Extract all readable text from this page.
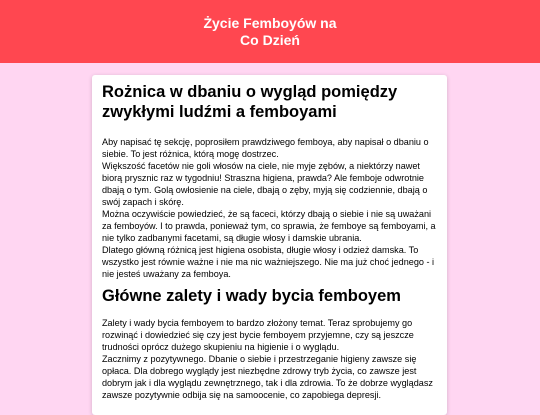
Życie Femboyów na
Co Dzień
Rożnica w dbaniu o wygląd pomiędzy zwykłymi ludźmi a femboyami

Aby napisać tę sekcję, poprosiłem prawdziwego femboya, aby napisał o dbaniu o siebie. To jest różnica, którą mogę dostrzec.

Większość facetów nie goli włosów na ciele, nie myje zębów, a niektórzy nawet biorą prysznic raz w tygodniu! Straszna higiena, prawda? Ale femboje odwrotnie dbają o tym. Golą owłosienie na ciele, dbają o zęby, myją się codziennie, dbają o swój zapach i skórę.

Można oczywiście powiedzieć, że są faceci, którzy dbają o siebie i nie są uważani za femboyów. I to prawda, ponieważ tym, co sprawia, że femboye są femboyami, a nie tylko zadbanymi facetami, są długie włosy i damskie ubrania.

Dlatego główną różnicą jest higiena osobista, długie włosy i odzież damska. To wszystko jest równie ważne i nie ma nic ważniejszego. Nie ma już choć jednego - i nie jesteś uważany za femboya.

Główne zalety i wady bycia femboyem

Zalety i wady bycia femboyem to bardzo złożony temat. Teraz sprobujemy go rozwinąć i dowiedzieć się czy jest bycie femboyem przyjemne, czy są jeszcze trudności oprócz dużego skupieniu na higienie i o wyglądu.

Zacznimy z pozytywnego. Dbanie o siebie i przestrzeganie higieny zawsze się opłaca. Dla dobrego wyglądy jest niezbędne zdrowy tryb życia, co zawsze jest dobrym jak i dla wyglądu zewnętrznego, tak i dla zdrowia. To że dobrze wyglądasz zawsze pozytywnie odbija się na samoocenie, co zapobiega depresji.
